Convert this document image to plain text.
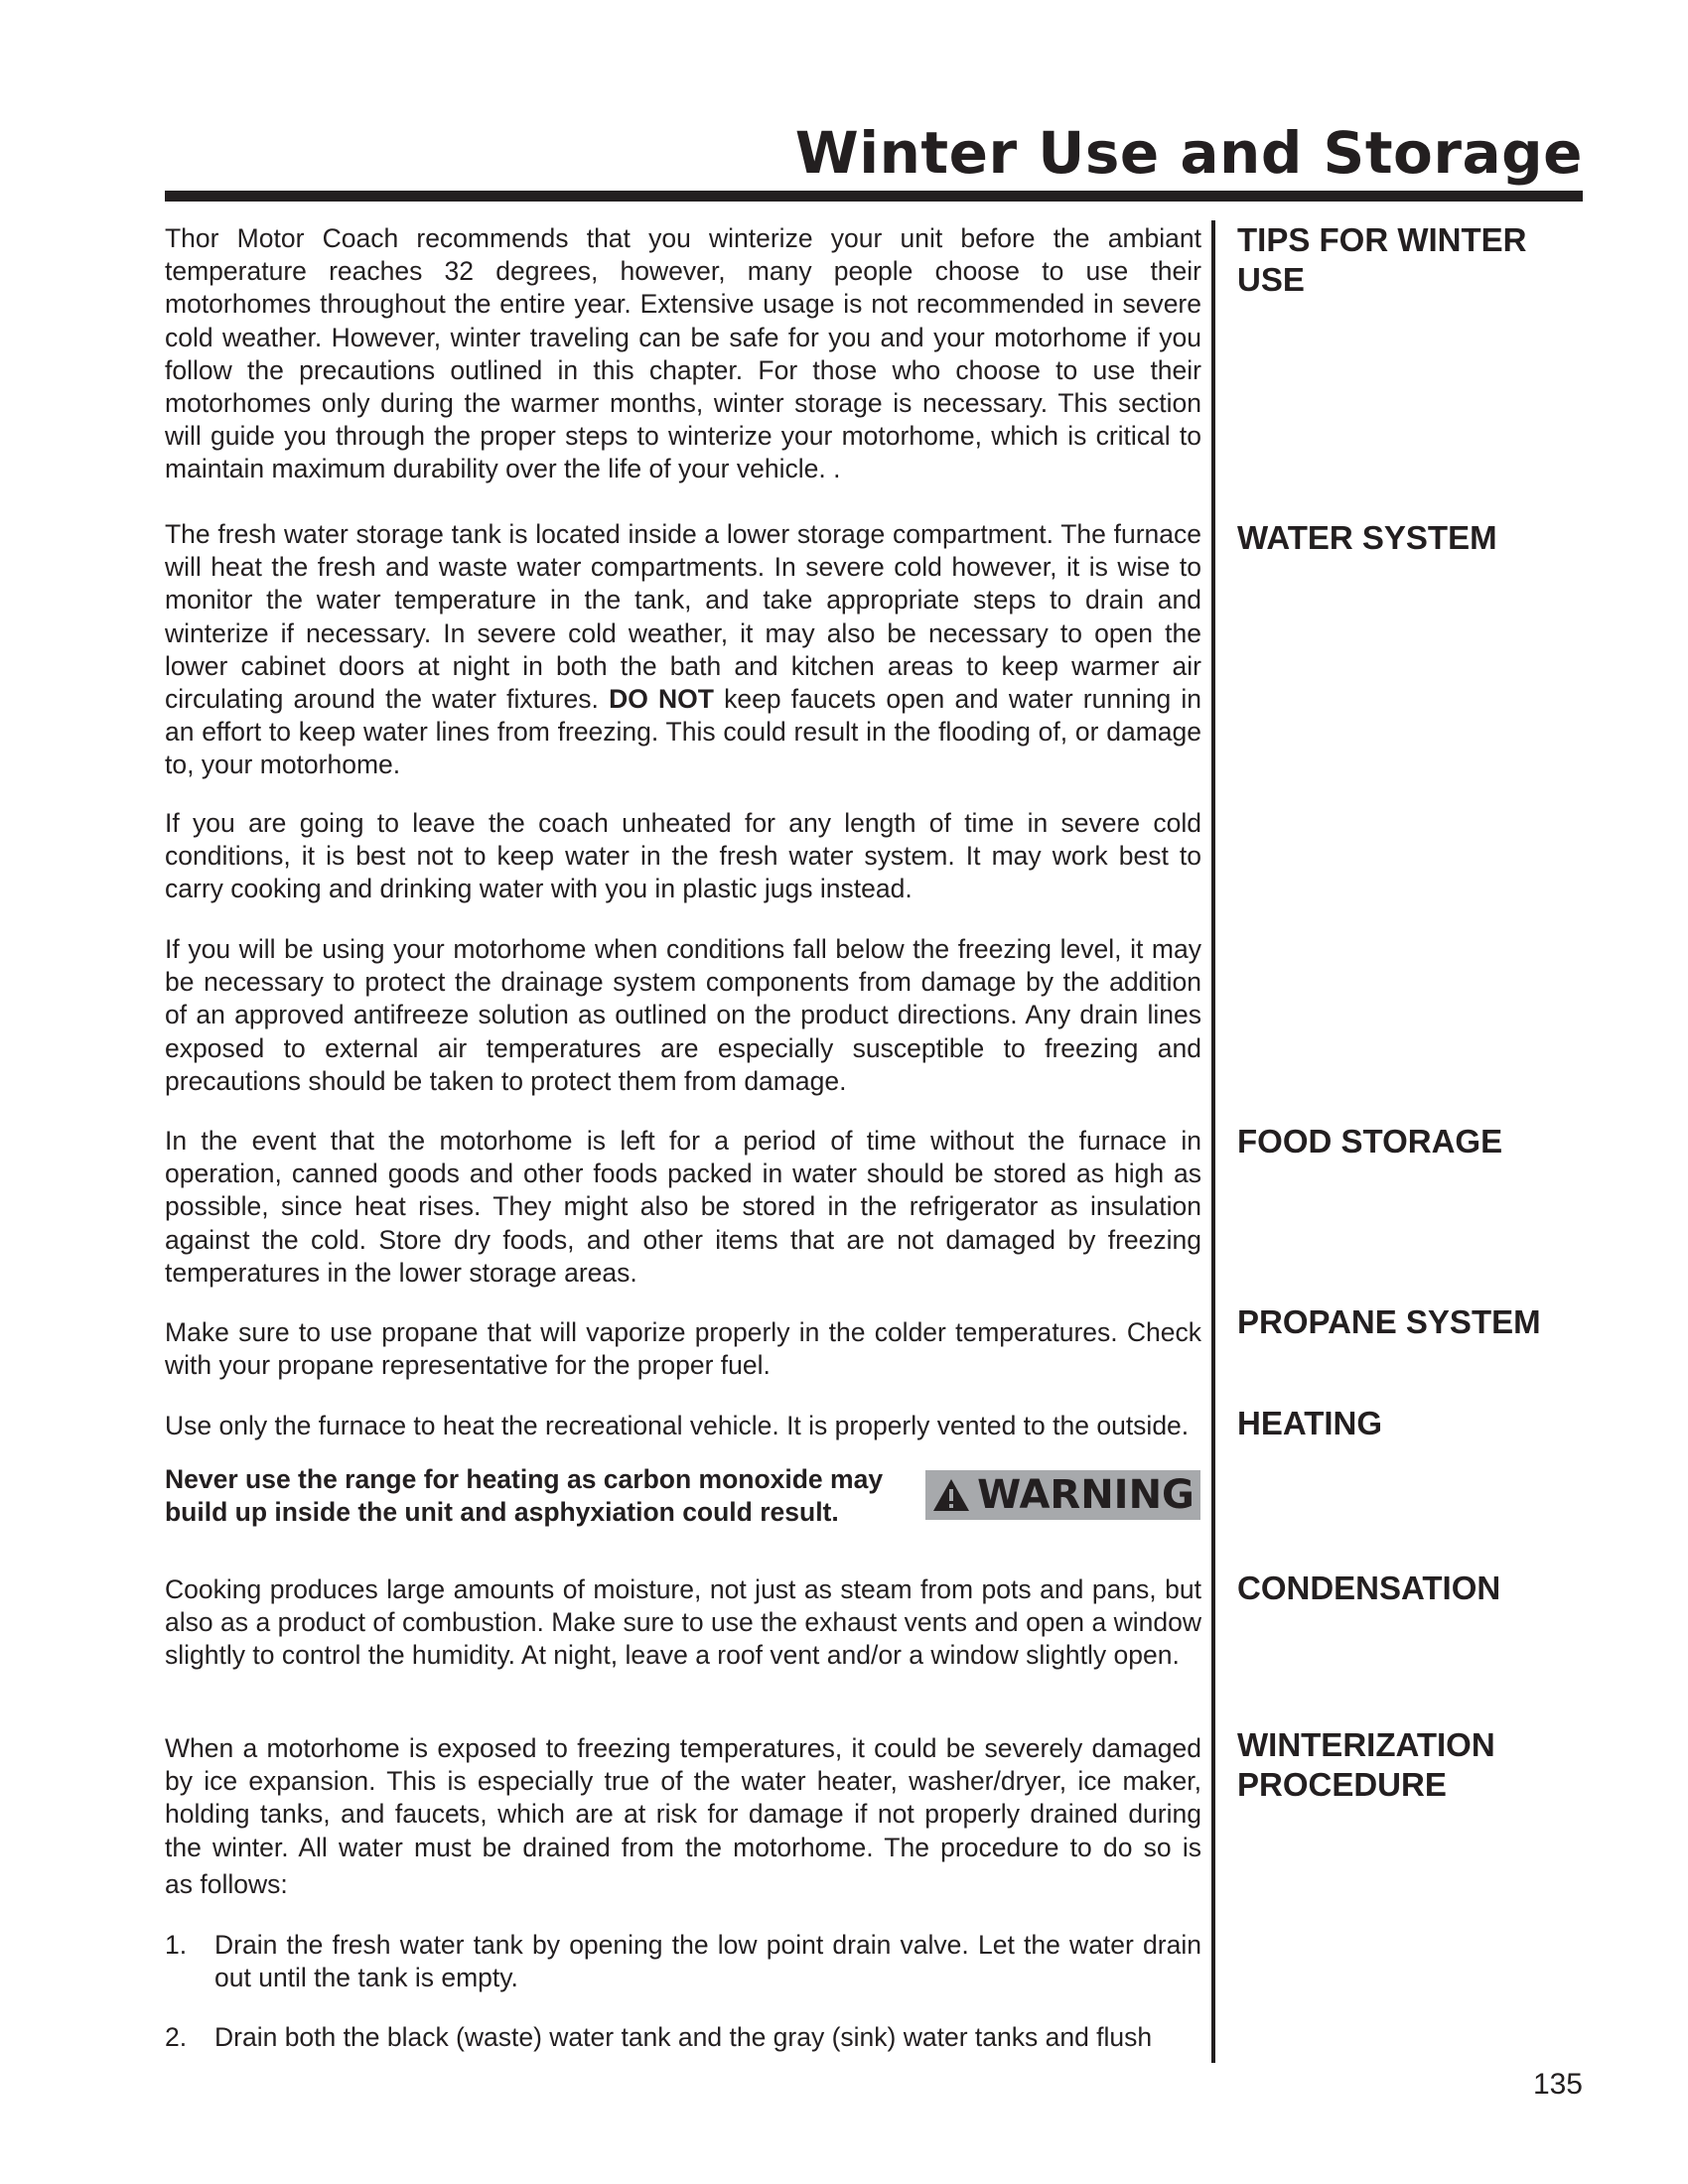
Winter Use and Storage
TIPS FOR WINTER USE
WATER SYSTEM
FOOD STORAGE
PROPANE SYSTEM
HEATING
CONDENSATION
WINTERIZATION PROCEDURE

Thor Motor Coach recommends that you winterize your unit before the ambiant temperature reaches 32 degrees, however, many people choose to use their motorhomes throughout the entire year. Extensive usage is not recommended in severe cold weather. However, winter traveling can be safe for you and your motorhome if you follow the precautions outlined in this chapter. For those who choose to use their motorhomes only during the warmer months, winter storage is necessary. This section will guide you through the proper steps to winterize your motorhome, which is critical to maintain maximum durability over the life of your vehicle. .

The fresh water storage tank is located inside a lower storage compartment. The furnace will heat the fresh and waste water compartments. In severe cold however, it is wise to monitor the water temperature in the tank, and take appropriate steps to drain and winterize if necessary. In severe cold weather, it may also be necessary to open the lower cabinet doors at night in both the bath and kitchen areas to keep warmer air circulating around the water fixtures. DO NOT keep faucets open and water running in an effort to keep water lines from freezing. This could result in the flooding of, or damage to, your motorhome.

If you are going to leave the coach unheated for any length of time in severe cold conditions, it is best not to keep water in the fresh water system. It may work best to carry cooking and drinking water with you in plastic jugs instead.

If you will be using your motorhome when conditions fall below the freezing level, it may be necessary to protect the drainage system components from damage by the addition of an approved antifreeze solution as outlined on the product directions. Any drain lines exposed to external air temperatures are especially susceptible to freezing and precautions should be taken to protect them from damage.

In the event that the motorhome is left for a period of time without the furnace in operation, canned goods and other foods packed in water should be stored as high as possible, since heat rises. They might also be stored in the refrigerator as insulation against the cold. Store dry foods, and other items that are not damaged by freezing temperatures in the lower storage areas.

Make sure to use propane that will vaporize properly in the colder temperatures. Check with your propane representative for the proper fuel.

Use only the furnace to heat the recreational vehicle. It is properly vented to the outside.

Never use the range for heating as carbon monoxide may build up inside the unit and asphyxiation could result.	WARNING

Cooking produces large amounts of moisture, not just as steam from pots and pans, but also as a product of combustion. Make sure to use the exhaust vents and open a window slightly to control the humidity. At night, leave a roof vent and/or a window slightly open.

When a motorhome is exposed to freezing temperatures, it could be severely damaged by ice expansion. This is especially true of the water heater, washer/dryer, ice maker, holding tanks, and faucets, which are at risk for damage if not properly drained during the winter. All water must be drained from the motorhome. The procedure to do so is

as follows:

1. Drain the fresh water tank by opening the low point drain valve. Let the water drain out until the tank is empty.

2. Drain both the black (waste) water tank and the gray (sink) water tanks and flush

135
